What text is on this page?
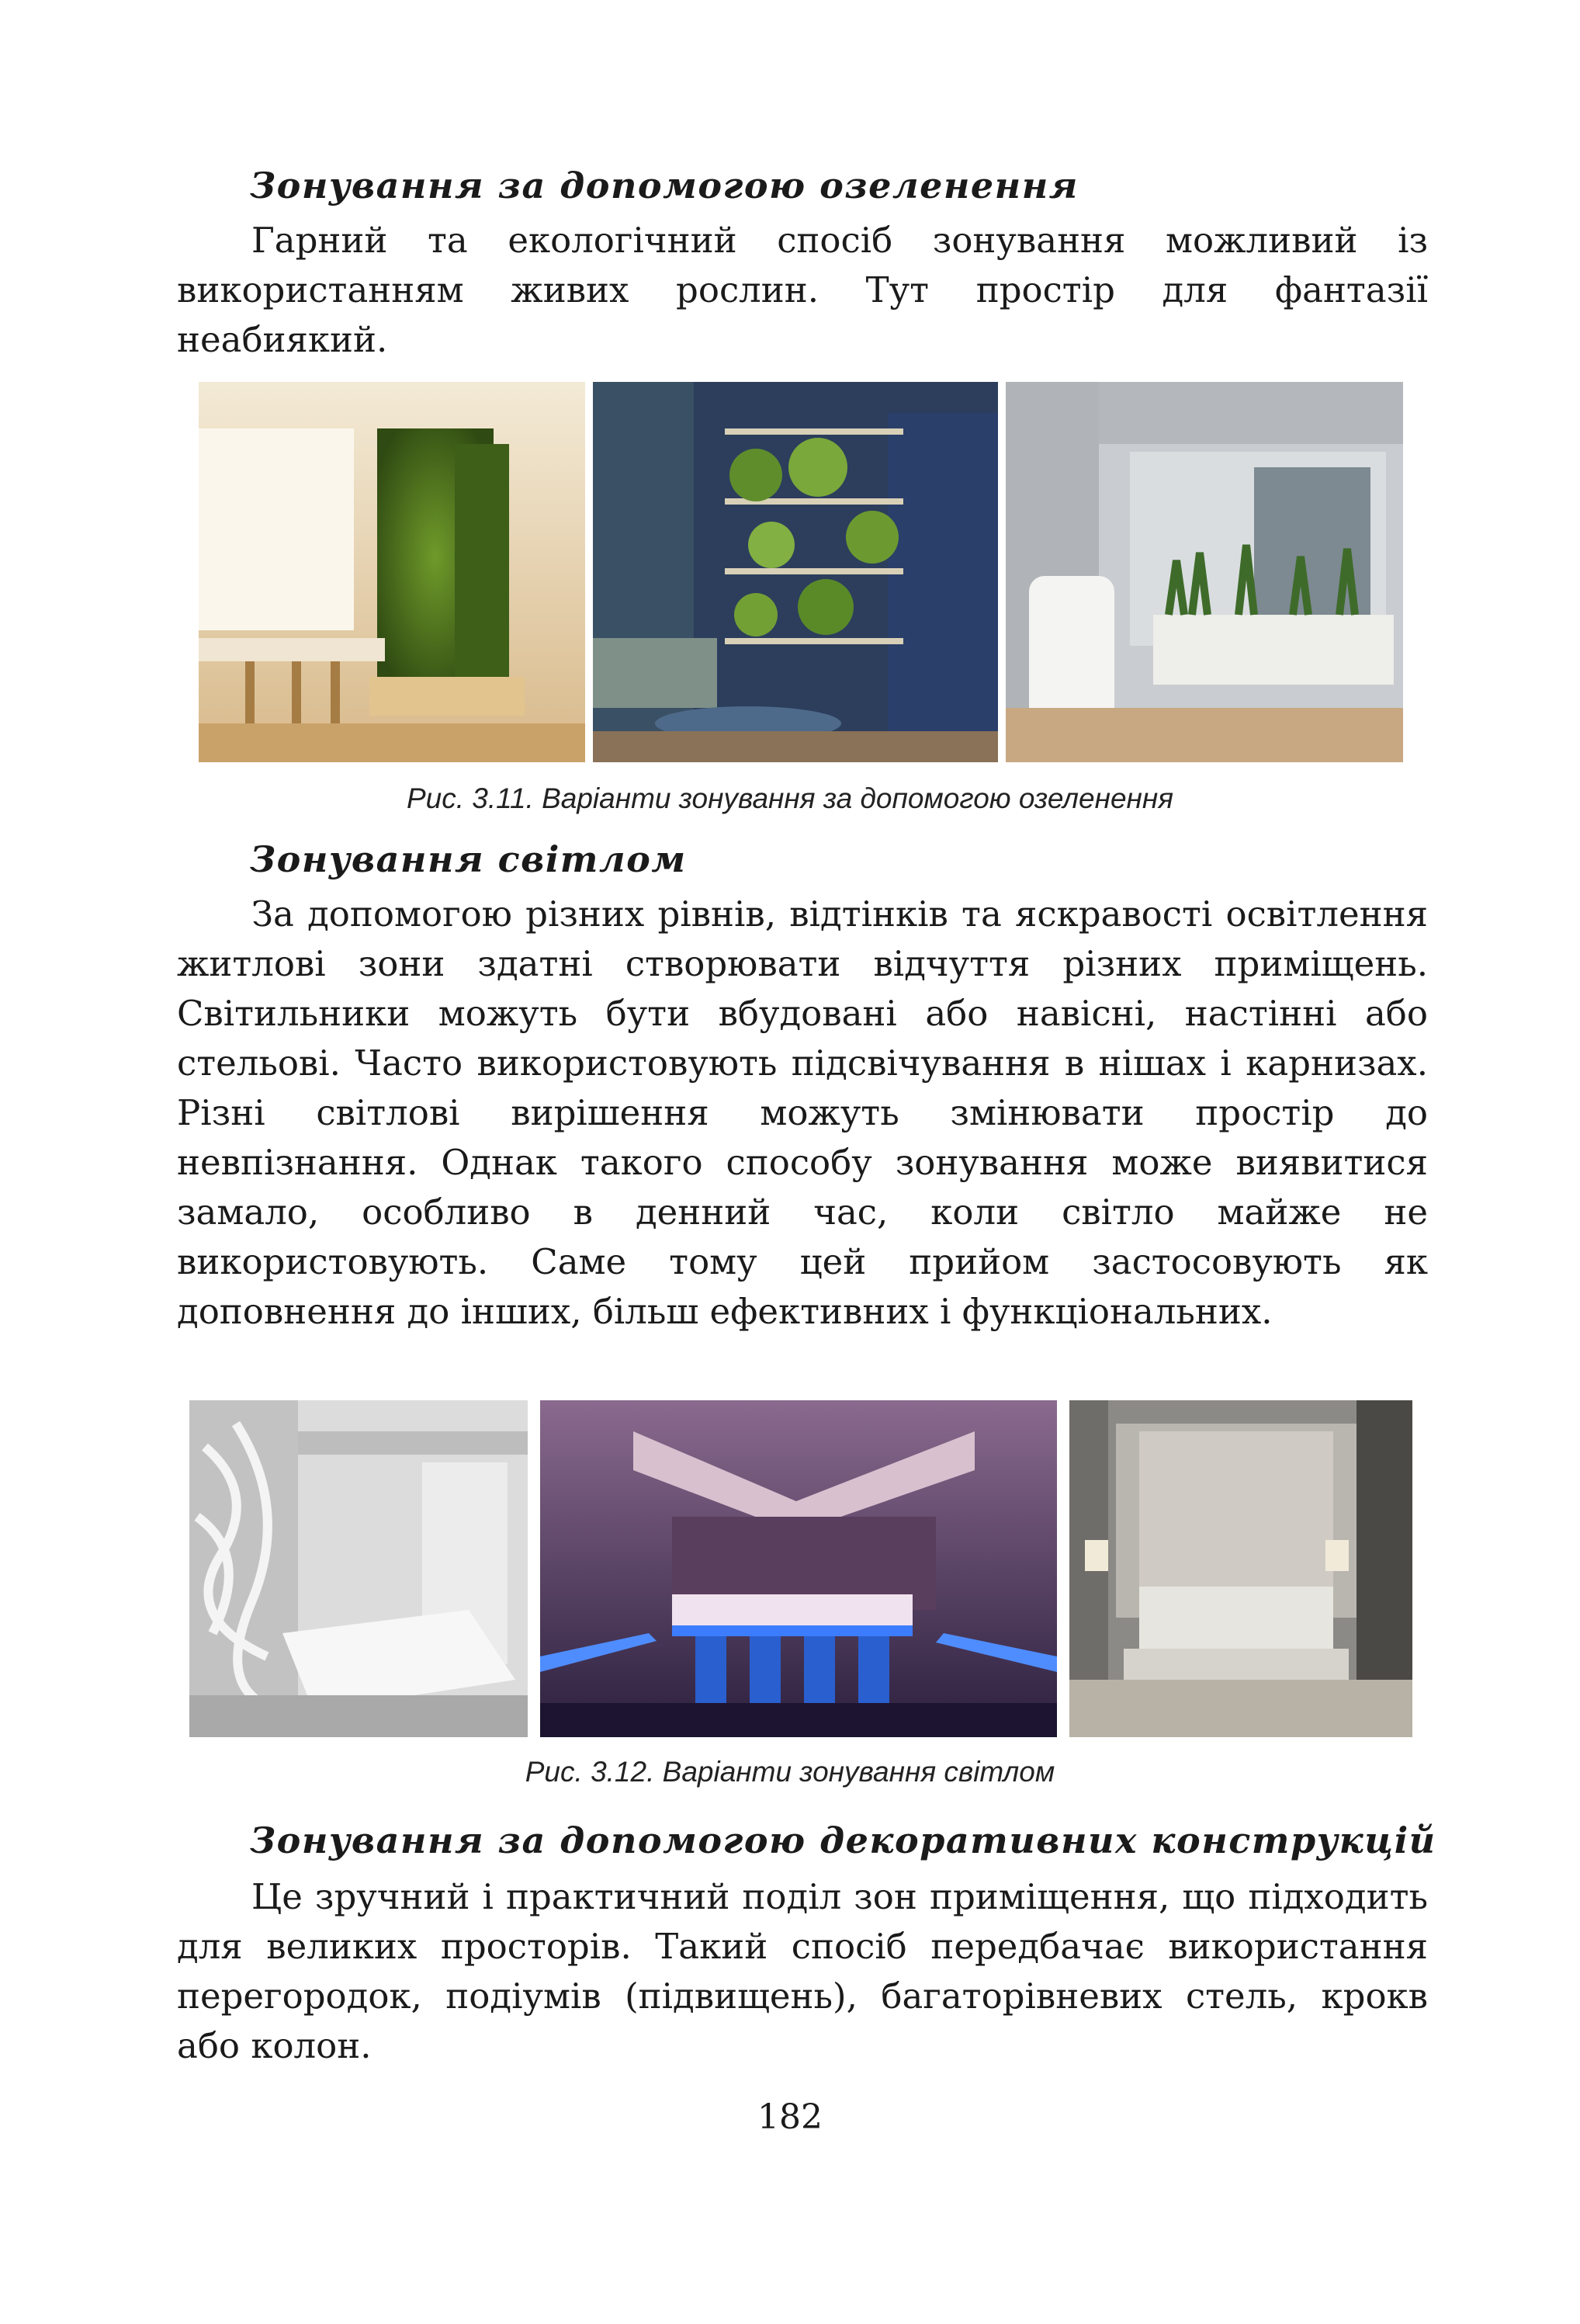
Зонування за допомогою озеленення

Гарний та екологічний спосіб зонування можливий із використанням живих рослин. Тут простір для фантазії неабиякий.

Рис. 3.11. Варіанти зонування за допомогою озеленення

Зонування світлом

За допомогою різних рівнів, відтінків та яскравості освітлення житлові зони здатні створювати відчуття різних приміщень. Світильники можуть бути вбудовані або навісні, настінні або стельові. Часто використовують підсвічування в нішах і карнизах. Різні світлові вирішення можуть змінювати простір до невпізнання. Однак такого способу зонування може виявитися замало, особливо в денний час, коли світло майже не використовують. Саме тому цей прийом застосовують як доповнення до інших, більш ефективних і функціональних.

Рис. 3.12. Варіанти зонування світлом

Зонування за допомогою декоративних конструкцій

Це зручний і практичний поділ зон приміщення, що підходить для великих просторів. Такий спосіб передбачає використання перегородок, подіумів (підвищень), багаторівневих стель, крокв або колон.

182
